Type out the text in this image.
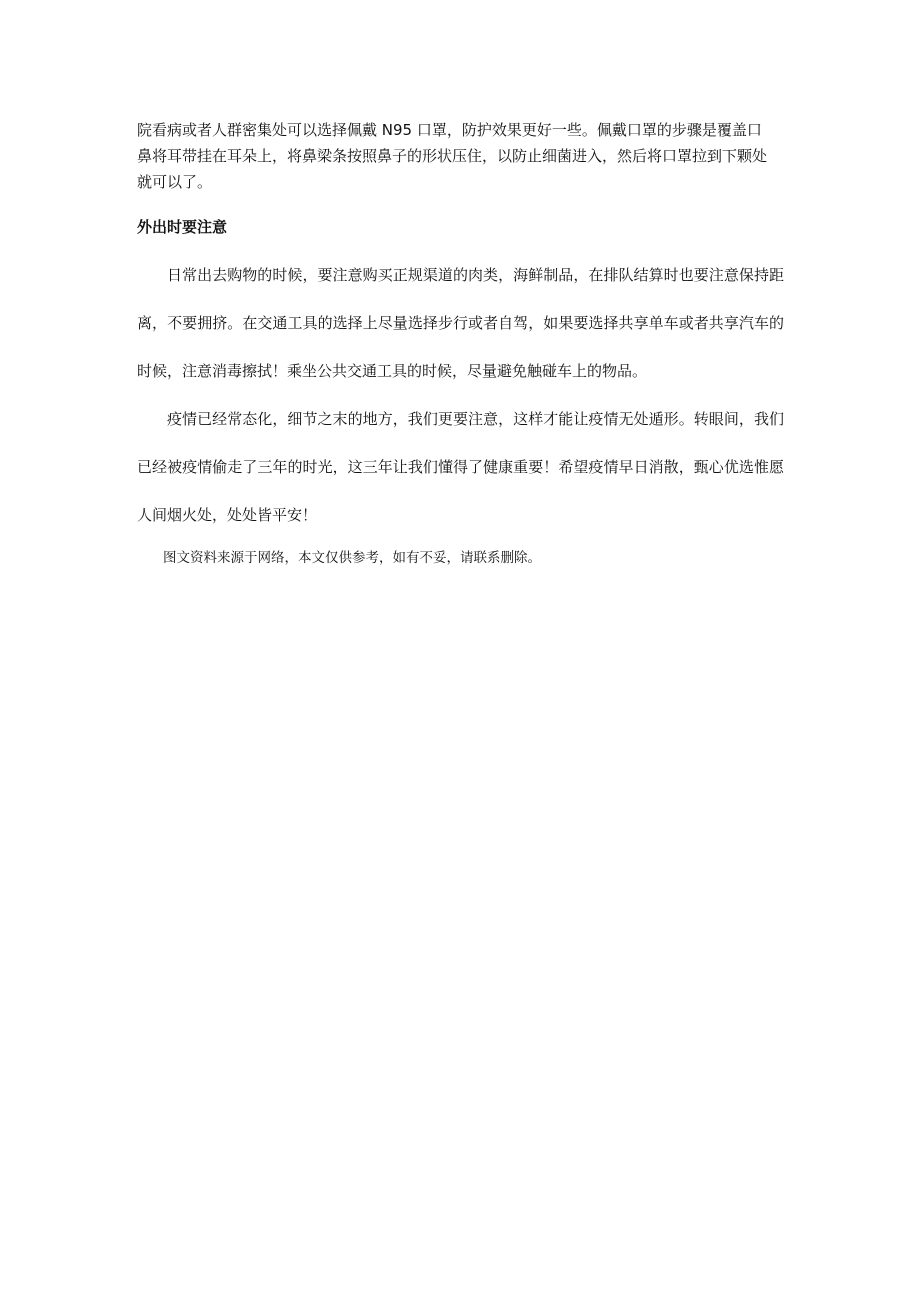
院看病或者人群密集处可以选择佩戴 N95 口罩，防护效果更好一些。佩戴口罩的步骤是覆盖口
鼻将耳带挂在耳朵上，将鼻梁条按照鼻子的形状压住，以防止细菌进入，然后将口罩拉到下颗处
就可以了。
外出时要注意
日常出去购物的时候，要注意购买正规渠道的肉类，海鲜制品，在排队结算时也要注意保持距离，不要拥挤。在交通工具的选择上尽量选择步行或者自驾，如果要选择共享单车或者共享汽车的时候，注意消毒擦拭！乘坐公共交通工具的时候，尽量避免触碰车上的物品。
疫情已经常态化，细节之末的地方，我们更要注意，这样才能让疫情无处遁形。转眼间，我们已经被疫情偷走了三年的时光，这三年让我们懂得了健康重要！希望疫情早日消散，甄心优选惟愿人间烟火处，处处皆平安！
图文资料来源于网络，本文仅供参考，如有不妥，请联系删除。
